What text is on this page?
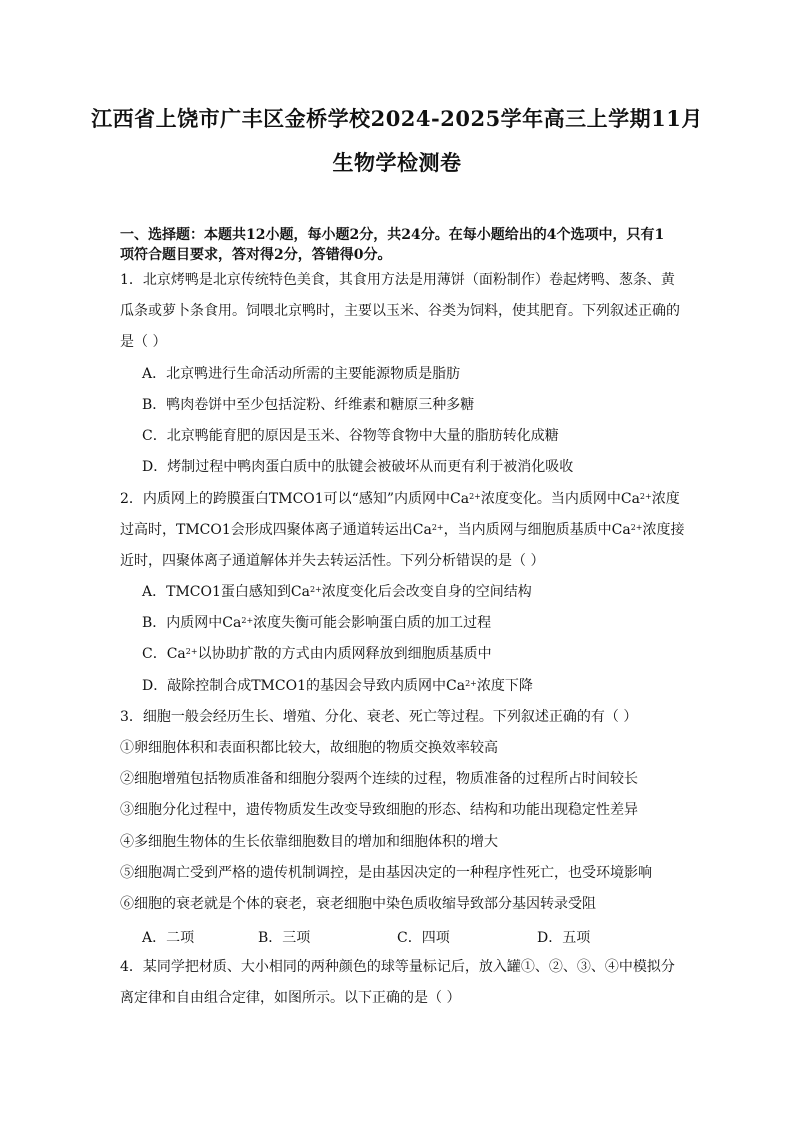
江西省上饶市广丰区金桥学校2024-2025学年高三上学期11月
生物学检测卷
一、选择题：本题共12小题，每小题2分，共24分。在每小题给出的4个选项中，只有1
项符合题目要求，答对得2分，答错得0分。
1．北京烤鸭是北京传统特色美食，其食用方法是用薄饼（面粉制作）卷起烤鸭、葱条、黄
瓜条或萝卜条食用。饲喂北京鸭时，主要以玉米、谷类为饲料，使其肥育。下列叙述正确的
是（ ）
A．北京鸭进行生命活动所需的主要能源物质是脂肪
B．鸭肉卷饼中至少包括淀粉、纤维素和糖原三种多糖
C．北京鸭能育肥的原因是玉米、谷物等食物中大量的脂肪转化成糖
D．烤制过程中鸭肉蛋白质中的肽键会被破坏从而更有利于被消化吸收
2．内质网上的跨膜蛋白TMCO1可以“感知”内质网中$Ca^{2+}$浓度变化。当内质网中$Ca^{2+}$浓度
过高时，TMCO1会形成四聚体离子通道转运出$Ca^{2+}$，当内质网与细胞质基质中$Ca^{2+}$浓度接
近时，四聚体离子通道解体并失去转运活性。下列分析错误的是（ ）
A．TMCO1蛋白感知到$Ca^{2+}$浓度变化后会改变自身的空间结构
B．内质网中$Ca^{2+}$浓度失衡可能会影响蛋白质的加工过程
C．$Ca^{2+}$以协助扩散的方式由内质网释放到细胞质基质中
D．敲除控制合成TMCO1的基因会导致内质网中$Ca^{2+}$浓度下降
3．细胞一般会经历生长、增殖、分化、衰老、死亡等过程。下列叙述正确的有（ ）
①卵细胞体积和表面积都比较大，故细胞的物质交换效率较高
②细胞增殖包括物质准备和细胞分裂两个连续的过程，物质准备的过程所占时间较长
③细胞分化过程中，遗传物质发生改变导致细胞的形态、结构和功能出现稳定性差异
④多细胞生物体的生长依靠细胞数目的增加和细胞体积的增大
⑤细胞凋亡受到严格的遗传机制调控，是由基因决定的一种程序性死亡，也受环境影响
⑥细胞的衰老就是个体的衰老，衰老细胞中染色质收缩导致部分基因转录受阻
A．二项	B．三项	C．四项	D．五项
4．某同学把材质、大小相同的两种颜色的球等量标记后，放入罐①、②、③、④中模拟分
离定律和自由组合定律，如图所示。以下正确的是（ ）
